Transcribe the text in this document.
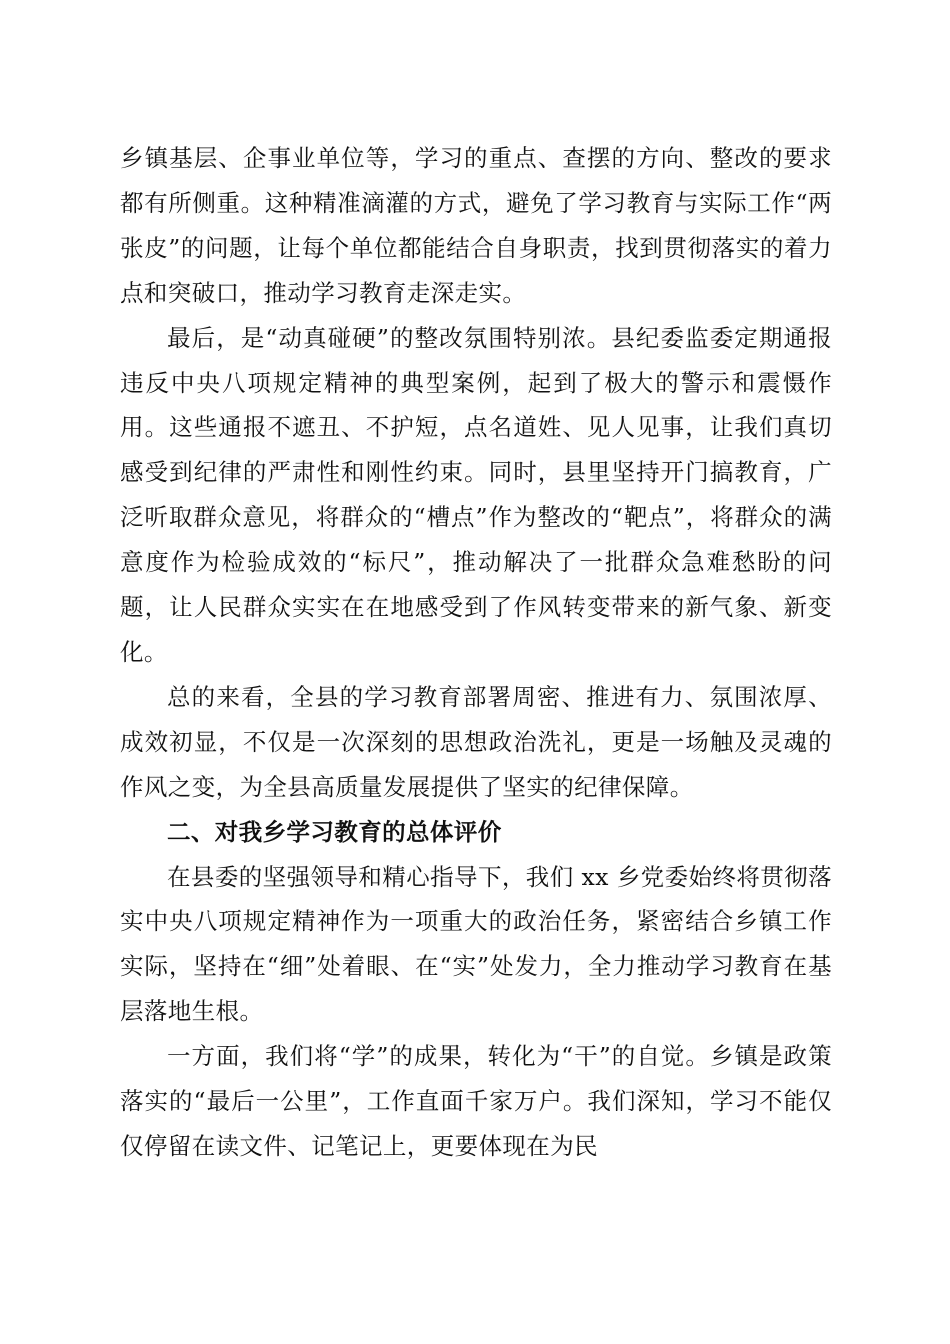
乡镇基层、企事业单位等，学习的重点、查摆的方向、整改的要求都有所侧重。这种精准滴灌的方式，避免了学习教育与实际工作“两张皮”的问题，让每个单位都能结合自身职责，找到贯彻落实的着力点和突破口，推动学习教育走深走实。

最后，是“动真碰硬”的整改氛围特别浓。县纪委监委定期通报违反中央八项规定精神的典型案例，起到了极大的警示和震慑作用。这些通报不遮丑、不护短，点名道姓、见人见事，让我们真切感受到纪律的严肃性和刚性约束。同时，县里坚持开门搞教育，广泛听取群众意见，将群众的“槽点”作为整改的“靶点”，将群众的满意度作为检验成效的“标尺”，推动解决了一批群众急难愁盼的问题，让人民群众实实在在地感受到了作风转变带来的新气象、新变化。

总的来看，全县的学习教育部署周密、推进有力、氛围浓厚、成效初显，不仅是一次深刻的思想政治洗礼，更是一场触及灵魂的作风之变，为全县高质量发展提供了坚实的纪律保障。

二、对我乡学习教育的总体评价

在县委的坚强领导和精心指导下，我们 xx 乡党委始终将贯彻落实中央八项规定精神作为一项重大的政治任务，紧密结合乡镇工作实际，坚持在“细”处着眼、在“实”处发力，全力推动学习教育在基层落地生根。

一方面，我们将“学”的成果，转化为“干”的自觉。乡镇是政策落实的“最后一公里”，工作直面千家万户。我们深知，学习不能仅仅停留在读文件、记笔记上，更要体现在为民
